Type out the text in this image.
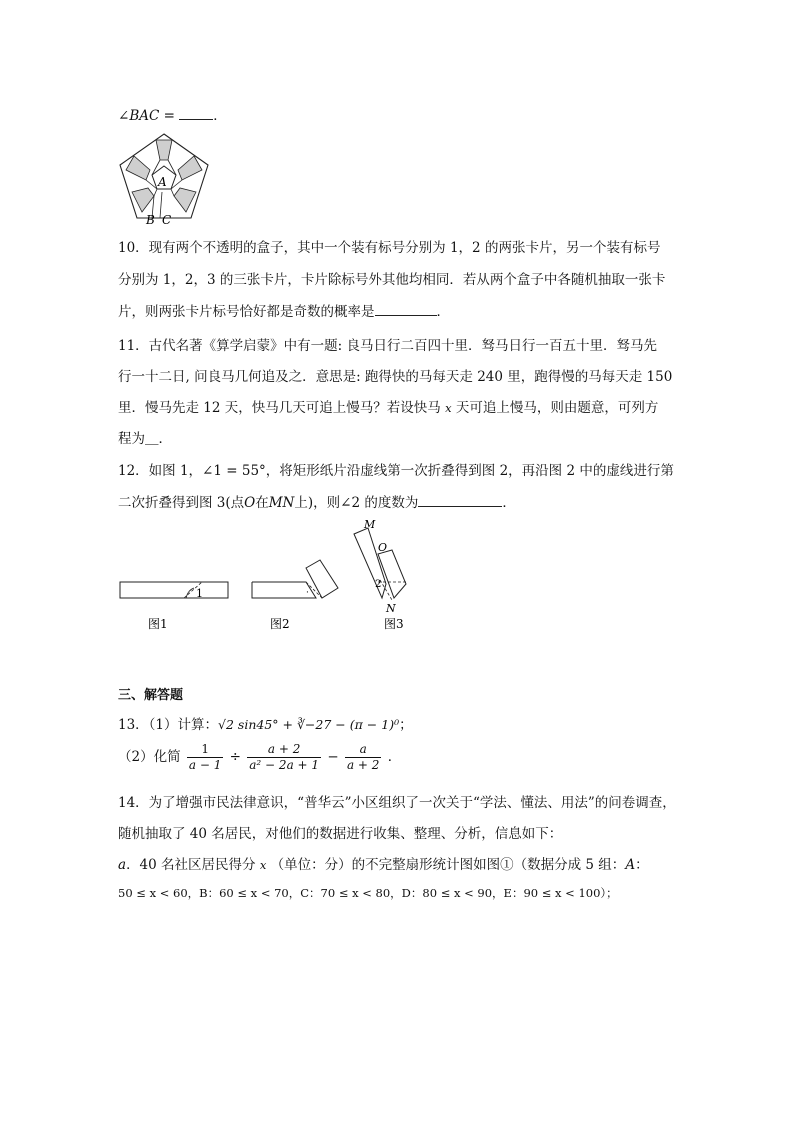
∠BAC =	．
A
B C
10．现有两个不透明的盒子，其中一个装有标号分别为 1，2 的两张卡片，另一个装有标号
分别为 1，2，3 的三张卡片，卡片除标号外其他均相同．若从两个盒子中各随机抽取一张卡
片，则两张卡片标号恰好都是奇数的概率是	．
11．古代名著《算学启蒙》中有一题: 良马日行二百四十里．驽马日行一百五十里．驽马先
行一十二日, 问良马几何追及之．意思是: 跑得快的马每天走 240 里，跑得慢的马每天走 150
里．慢马先走 12 天，快马几天可追上慢马？若设快马 x 天可追上慢马，则由题意，可列方
程为＿．
12．如图 1，∠1 = 55°，将矩形纸片沿虚线第一次折叠得到图 2，再沿图 2 中的虚线进行第
二次折叠得到图 3(点O在MN上)，则∠2 的度数为	．
1	·
M
O
2
N
图1	图2	图3
三、解答题
13．（1）计算：√2 sin45° + ∛−27 − (π − 1)⁰；
（2）化简 $\frac{1}{a - 1} \div \frac{a + 2}{\text{a² − 2a + 1}} - \frac{a}{a + 2}$ ．
14．为了增强市民法律意识，“普华云”小区组织了一次关于“学法、懂法、用法”的问卷调查，
随机抽取了 40 名居民，对他们的数据进行收集、整理、分析，信息如下：
a．40 名社区居民得分 x （单位：分）的不完整扇形统计图如图①（数据分成 5 组：A：
50 ≤ x < 60，B：60 ≤ x < 70，C：70 ≤ x < 80，D：80 ≤ x < 90，E：90 ≤ x < 100）；
